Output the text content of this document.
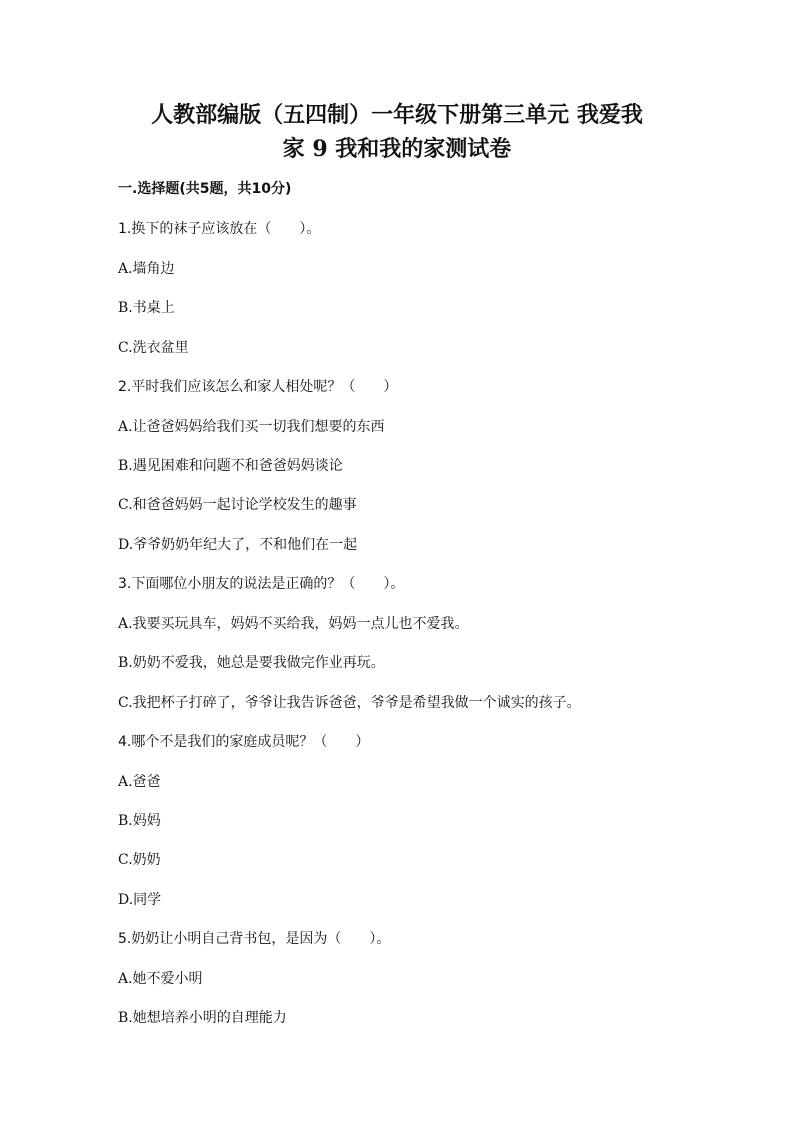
人教部编版（五四制）一年级下册第三单元 我爱我
家 9 我和我的家测试卷
一.选择题(共5题，共10分)
1.换下的袜子应该放在（　　）。
A.墙角边
B.书桌上
C.洗衣盆里
2.平时我们应该怎么和家人相处呢？（　　）
A.让爸爸妈妈给我们买一切我们想要的东西
B.遇见困难和问题不和爸爸妈妈谈论
C.和爸爸妈妈一起讨论学校发生的趣事
D.爷爷奶奶年纪大了，不和他们在一起
3.下面哪位小朋友的说法是正确的？（　　）。
A.我要买玩具车，妈妈不买给我，妈妈一点儿也不爱我。
B.奶奶不爱我，她总是要我做完作业再玩。
C.我把杯子打碎了，爷爷让我告诉爸爸，爷爷是希望我做一个诚实的孩子。
4.哪个不是我们的家庭成员呢？（　　）
A.爸爸
B.妈妈
C.奶奶
D.同学
5.奶奶让小明自己背书包，是因为（　　）。
A.她不爱小明
B.她想培养小明的自理能力
